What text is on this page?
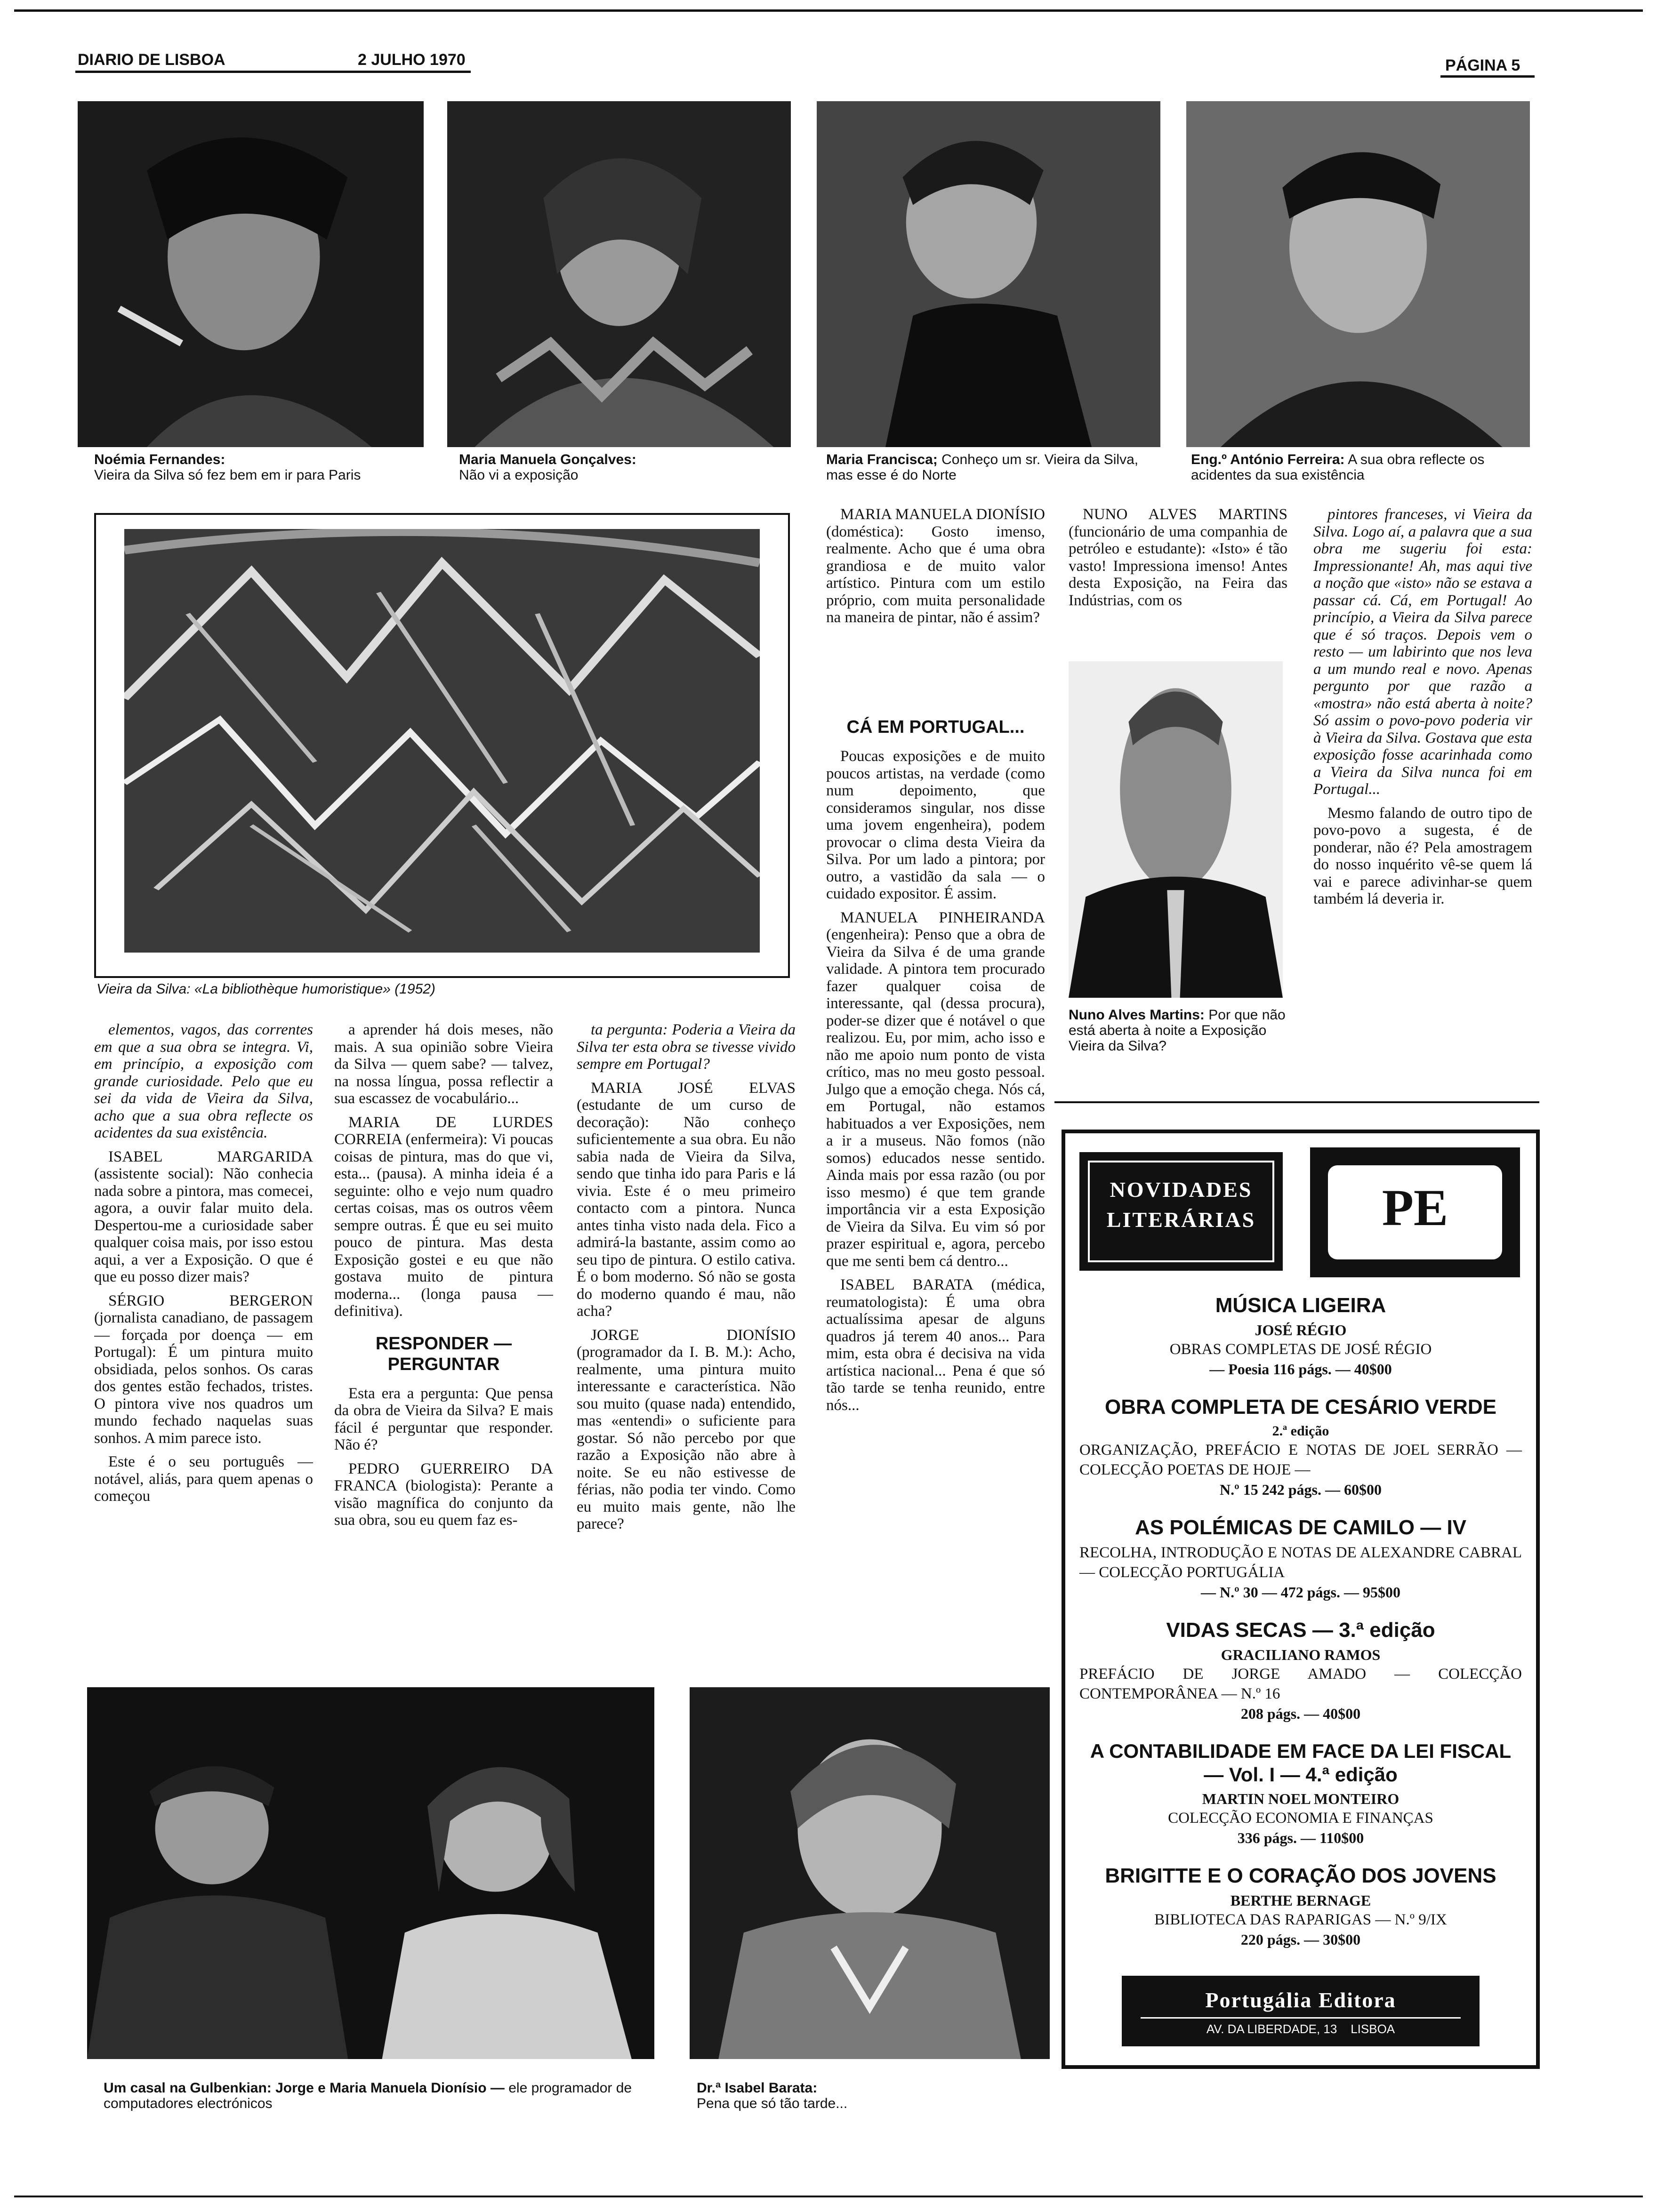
DIARIO DE LISBOA	2 JULHO 1970	PÁGINA 5
Noémia Fernandes:
Vieira da Silva só fez bem em ir para Paris
Maria Manuela Gonçalves:
Não vi a exposição
Maria Francisca; Conheço um sr. Vieira da Silva, mas esse é do Norte
Eng.º António Ferreira: A sua obra reflecte os acidentes da sua existência
Vieira da Silva: «La bibliothèque humoristique» (1952)

MARIA MANUELA DIONÍSIO (doméstica): Gosto imenso, realmente. Acho que é uma obra grandiosa e de muito valor artístico. Pintura com um estilo próprio, com muita personalidade na maneira de pintar, não é assim?

CÁ EM PORTUGAL...

Poucas exposições e de muito poucos artistas, na verdade (como num depoimento, que consideramos singular, nos disse uma jovem engenheira), podem provocar o clima desta Vieira da Silva. Por um lado a pintora; por outro, a vastidão da sala — o cuidado expositor. É assim.

MANUELA PINHEIRANDA (engenheira): Penso que a obra de Vieira da Silva é de uma grande validade. A pintora tem procurado fazer qualquer coisa de interessante, qal (dessa procura), poder-se dizer que é notável o que realizou. Eu, por mim, acho isso e não me apoio num ponto de vista crítico, mas no meu gosto pessoal. Julgo que a emoção chega. Nós cá, em Portugal, não estamos habituados a ver Exposições, nem a ir a museus. Não fomos (não somos) educados nesse sentido. Ainda mais por essa razão (ou por isso mesmo) é que tem grande importância vir a esta Exposição de Vieira da Silva. Eu vim só por prazer espiritual e, agora, percebo que me senti bem cá dentro...

ISABEL BARATA (médica, reumatologista): É uma obra actualíssima apesar de alguns quadros já terem 40 anos... Para mim, esta obra é decisiva na vida artística nacional... Pena é que só tão tarde se tenha reunido, entre nós...

NUNO ALVES MARTINS (funcionário de uma companhia de petróleo e estudante): «Isto» é tão vasto! Impressiona imenso! Antes desta Exposição, na Feira das Indústrias, com os

Nuno Alves Martins: Por que não está aberta à noite a Exposição Vieira da Silva?

pintores franceses, vi Vieira da Silva. Logo aí, a palavra que a sua obra me sugeriu foi esta: Impressionante! Ah, mas aqui tive a noção que «isto» não se estava a passar cá. Cá, em Portugal! Ao princípio, a Vieira da Silva parece que é só traços. Depois vem o resto — um labirinto que nos leva a um mundo real e novo. Apenas pergunto por que razão a «mostra» não está aberta à noite? Só assim o povo-povo poderia vir à Vieira da Silva. Gostava que esta exposição fosse acarinhada como a Vieira da Silva nunca foi em Portugal...

Mesmo falando de outro tipo de povo-povo a sugesta, é de ponderar, não é? Pela amostragem do nosso inquérito vê-se quem lá vai e parece adivinhar-se quem também lá deveria ir.

elementos, vagos, das correntes em que a sua obra se integra. Vi, em princípio, a exposição com grande curiosidade. Pelo que eu sei da vida de Vieira da Silva, acho que a sua obra reflecte os acidentes da sua existência.

ISABEL MARGARIDA (assistente social): Não conhecia nada sobre a pintora, mas comecei, agora, a ouvir falar muito dela. Despertou-me a curiosidade saber qualquer coisa mais, por isso estou aqui, a ver a Exposição. O que é que eu posso dizer mais?

SÉRGIO BERGERON (jornalista canadiano, de passagem — forçada por doença — em Portugal): É um pintura muito obsidiada, pelos sonhos. Os caras dos gentes estão fechados, tristes. O pintora vive nos quadros um mundo fechado naquelas suas sonhos. A mim parece isto.

Este é o seu português — notável, aliás, para quem apenas o começou

a aprender há dois meses, não mais. A sua opinião sobre Vieira da Silva — quem sabe? — talvez, na nossa língua, possa reflectir a sua escassez de vocabulário...

MARIA DE LURDES CORREIA (enfermeira): Vi poucas coisas de pintura, mas do que vi, esta... (pausa). A minha ideia é a seguinte: olho e vejo num quadro certas coisas, mas os outros vêem sempre outras. É que eu sei muito pouco de pintura. Mas desta Exposição gostei e eu que não gostava muito de pintura moderna... (longa pausa — definitiva).

RESPONDER — PERGUNTAR

Esta era a pergunta: Que pensa da obra de Vieira da Silva? E mais fácil é perguntar que responder. Não é?

PEDRO GUERREIRO DA FRANCA (biologista): Perante a visão magnífica do conjunto da sua obra, sou eu quem faz es-

ta pergunta: Poderia a Vieira da Silva ter esta obra se tivesse vivido sempre em Portugal?

MARIA JOSÉ ELVAS (estudante de um curso de decoração): Não conheço suficientemente a sua obra. Eu não sabia nada de Vieira da Silva, sendo que tinha ido para Paris e lá vivia. Este é o meu primeiro contacto com a pintora. Nunca antes tinha visto nada dela. Fico a admirá-la bastante, assim como ao seu tipo de pintura. O estilo cativa. É o bom moderno. Só não se gosta do moderno quando é mau, não acha?

JORGE DIONÍSIO (programador da I. B. M.): Acho, realmente, uma pintura muito interessante e característica. Não sou muito (quase nada) entendido, mas «entendi» o suficiente para gostar. Só não percebo por que razão a Exposição não abre à noite. Se eu não estivesse de férias, não podia ter vindo. Como eu muito mais gente, não lhe parece?

NOVIDADES
LITERÁRIAS	PE
MÚSICA LIGEIRA
JOSÉ RÉGIO
OBRAS COMPLETAS DE JOSÉ RÉGIO
— Poesia 116 págs. — 40$00
OBRA COMPLETA DE CESÁRIO VERDE
2.ª edição
ORGANIZAÇÃO, PREFÁCIO E NOTAS DE JOEL SERRÃO — COLECÇÃO POETAS DE HOJE —
N.º 15 242 págs. — 60$00
AS POLÉMICAS DE CAMILO — IV
RECOLHA, INTRODUÇÃO E NOTAS DE ALEXANDRE CABRAL — COLECÇÃO PORTUGÁLIA
— N.º 30 — 472 págs. — 95$00
VIDAS SECAS — 3.ª edição
GRACILIANO RAMOS
PREFÁCIO DE JORGE AMADO — COLECÇÃO CONTEMPORÂNEA — N.º 16
208 págs. — 40$00
A CONTABILIDADE EM FACE DA LEI FISCAL — Vol. I — 4.ª edição
MARTIN NOEL MONTEIRO
COLECÇÃO ECONOMIA E FINANÇAS
336 págs. — 110$00
BRIGITTE E O CORAÇÃO DOS JOVENS
BERTHE BERNAGE
BIBLIOTECA DAS RAPARIGAS — N.º 9/IX
220 págs. — 30$00
Portugália Editora
AV. DA LIBERDADE, 13    LISBOA
Um casal na Gulbenkian: Jorge e Maria Manuela Dionísio — ele programador de computadores electrónicos
Dr.ª Isabel Barata:
Pena que só tão tarde...
